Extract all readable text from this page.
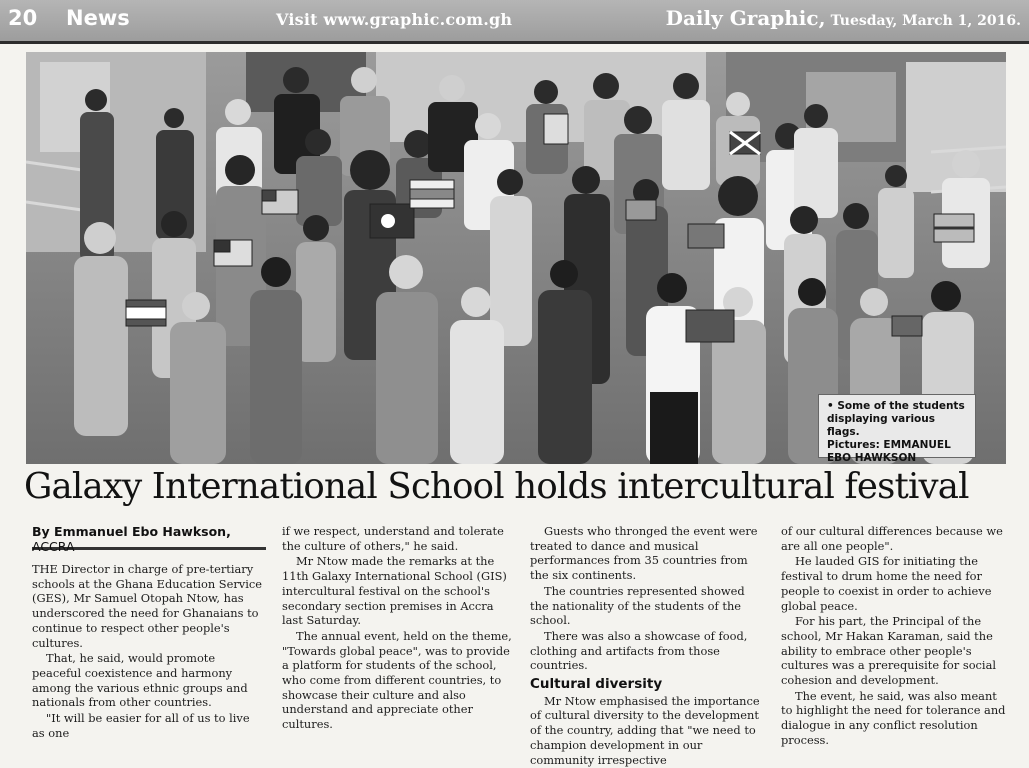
20 News	Visit www.graphic.com.gh	Daily Graphic, Tuesday, March 1, 2016.
• Some of the students
displaying various flags.
Pictures: EMMANUEL
EBO HAWKSON
Galaxy International School holds intercultural festival
By Emmanuel Ebo Hawkson, ACCRA

THE Director in charge of pre-tertiary schools at the Ghana Education Service (GES), Mr Samuel Otopah Ntow, has underscored the need for Ghanaians to continue to respect other people's cultures.

That, he said, would promote peaceful coexistence and harmony among the various ethnic groups and nationals from other countries.

"It will be easier for all of us to live as one

if we respect, understand and tolerate the culture of others," he said.

Mr Ntow made the remarks at the 11th Galaxy International School (GIS) intercultural festival on the school's secondary section premises in Accra last Saturday.

The annual event, held on the theme, "Towards global peace", was to provide a platform for students of the school, who come from different countries, to showcase their culture and also understand and appreciate other cultures.

Guests who thronged the event were treated to dance and musical performances from 35 countries from the six continents.

The countries represented showed the nationality of the students of the school.

There was also a showcase of food, clothing and artifacts from those countries.

Cultural diversity

Mr Ntow emphasised the importance of cultural diversity to the development of the country, adding that "we need to champion development in our community irrespective

of our cultural differences because we are all one people".

He lauded GIS for initiating the festival to drum home the need for people to coexist in order to achieve global peace.

For his part, the Principal of the school, Mr Hakan Karaman, said the ability to embrace other people's cultures was a prerequisite for social cohesion and development.

The event, he said, was also meant to highlight the need for tolerance and dialogue in any conflict resolution process.
